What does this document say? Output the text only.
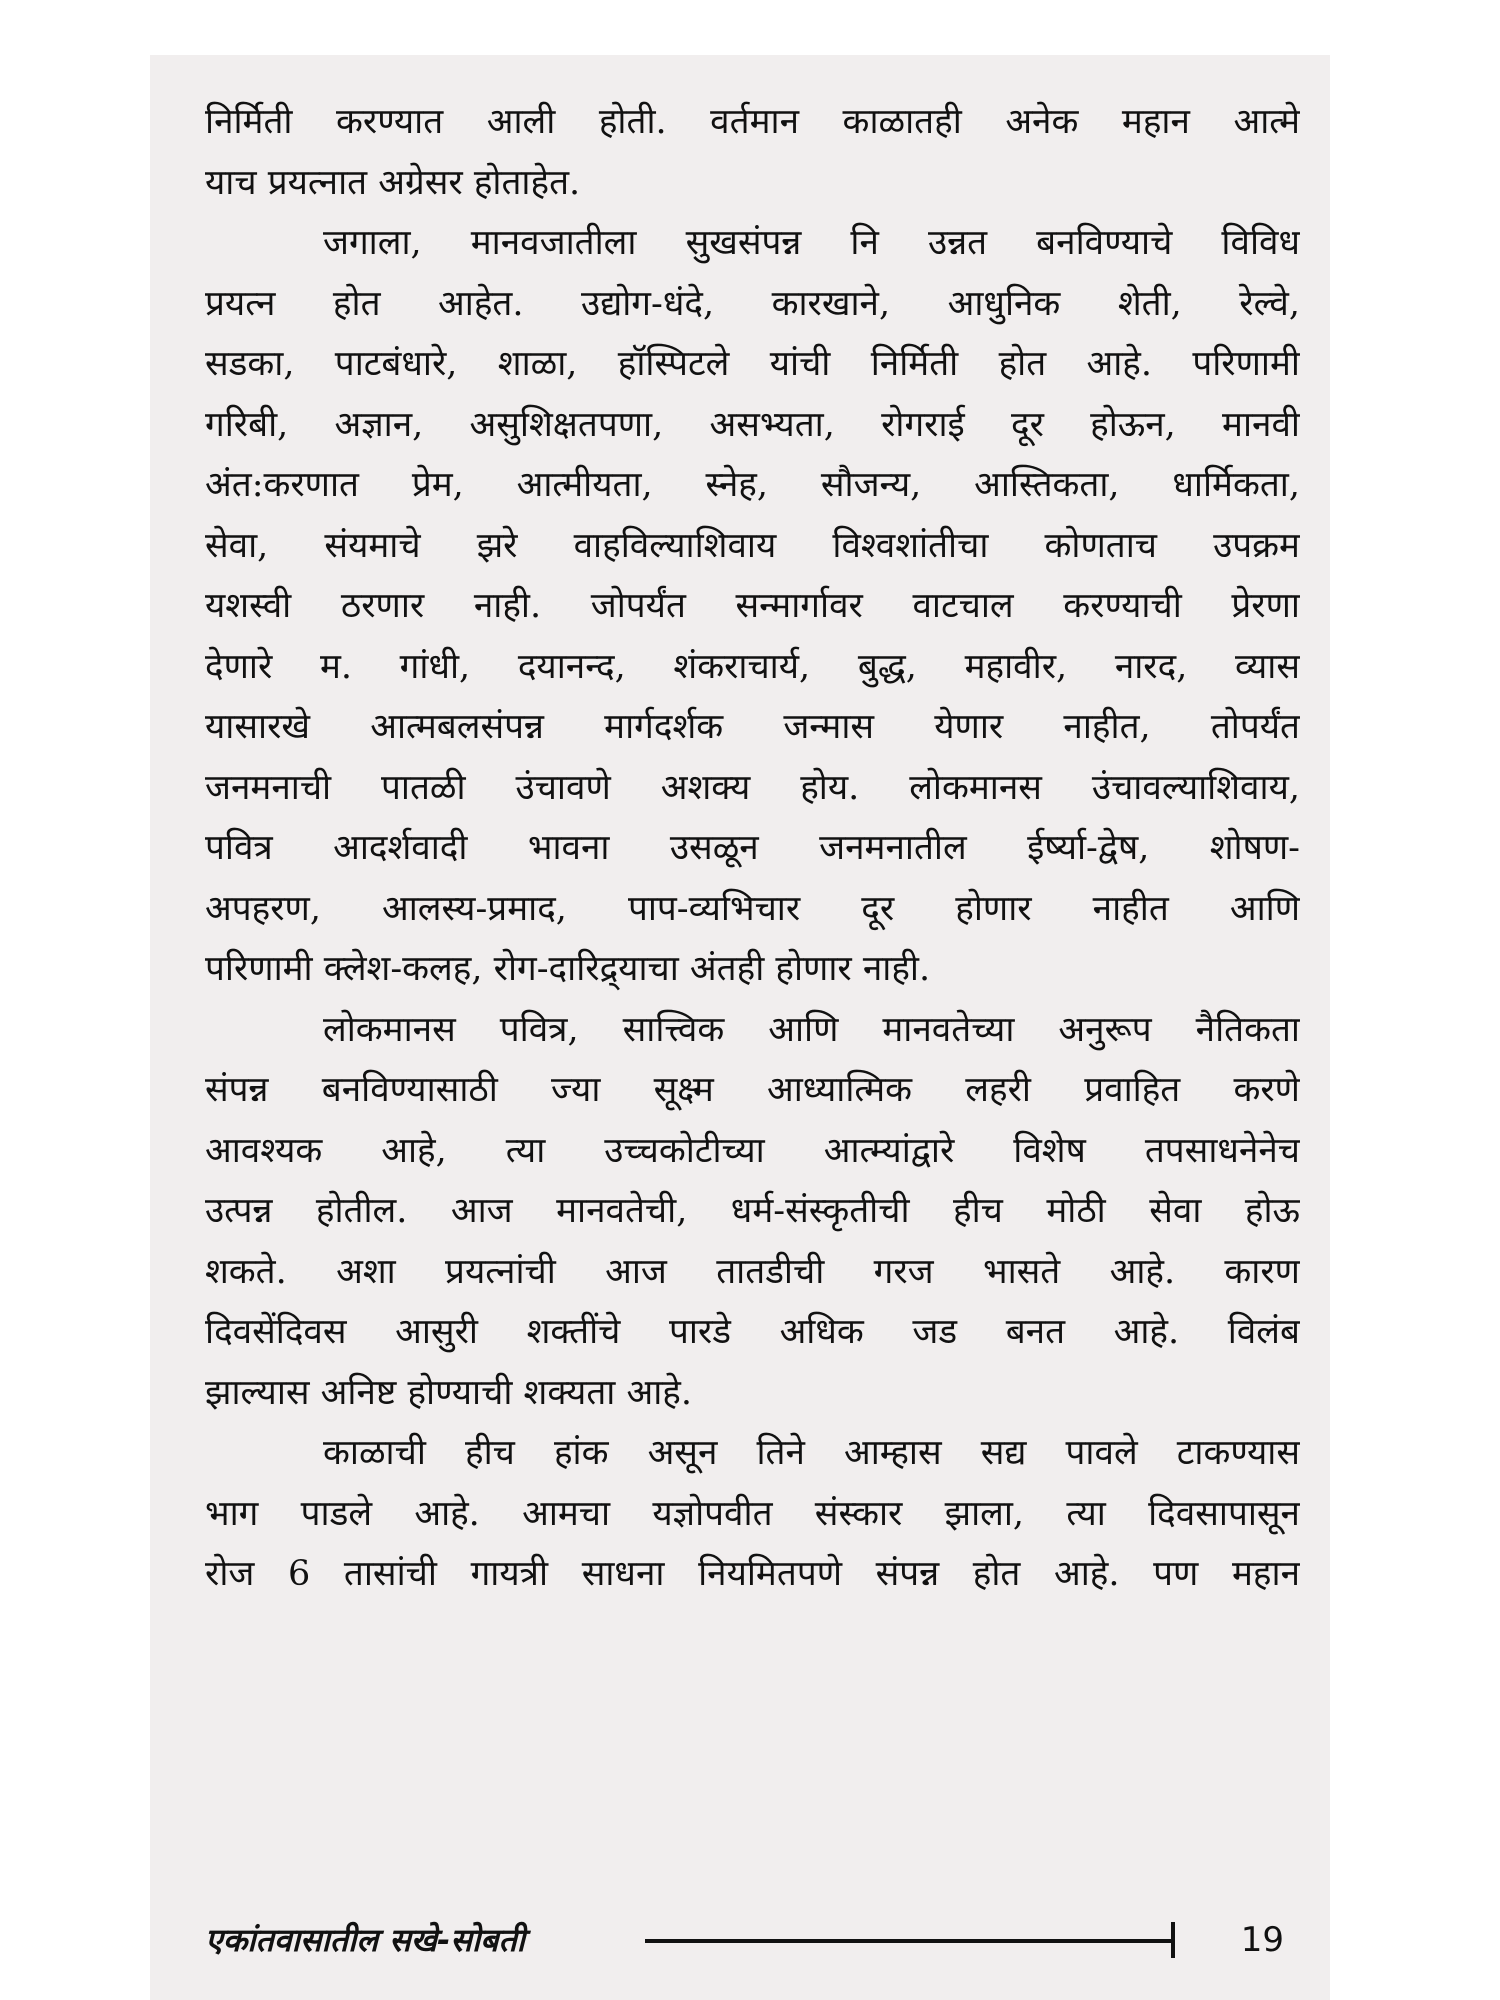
निर्मिती करण्यात आली होती. वर्तमान काळातही अनेक महान आत्मे
याच प्रयत्नात अग्रेसर होताहेत.
जगाला, मानवजातीला सुखसंपन्न नि उन्नत बनविण्याचे विविध
प्रयत्न होत आहेत. उद्योग-धंदे, कारखाने, आधुनिक शेती, रेल्वे,
सडका, पाटबंधारे, शाळा, हॉस्पिटले यांची निर्मिती होत आहे. परिणामी
गरिबी, अज्ञान, असुशिक्षतपणा, असभ्यता, रोगराई दूर होऊन, मानवी
अंत:करणात प्रेम, आत्मीयता, स्नेह, सौजन्य, आस्तिकता, धार्मिकता,
सेवा, संयमाचे झरे वाहविल्याशिवाय विश्वशांतीचा कोणताच उपक्रम
यशस्वी ठरणार नाही. जोपर्यंत सन्मार्गावर वाटचाल करण्याची प्रेरणा
देणारे म. गांधी, दयानन्द, शंकराचार्य, बुद्ध, महावीर, नारद, व्यास
यासारखे आत्मबलसंपन्न मार्गदर्शक जन्मास येणार नाहीत, तोपर्यंत
जनमनाची पातळी उंचावणे अशक्य होय. लोकमानस उंचावल्याशिवाय,
पवित्र आदर्शवादी भावना उसळून जनमनातील ईर्ष्या-द्वेष, शोषण-
अपहरण, आलस्य-प्रमाद, पाप-व्यभिचार दूर होणार नाहीत आणि
परिणामी क्लेश-कलह, रोग-दारिद्र्याचा अंतही होणार नाही.
लोकमानस पवित्र, सात्त्विक आणि मानवतेच्या अनुरूप नैतिकता
संपन्न बनविण्यासाठी ज्या सूक्ष्म आध्यात्मिक लहरी प्रवाहित करणे
आवश्यक आहे, त्या उच्चकोटीच्या आत्म्यांद्वारे विशेष तपसाधनेनेच
उत्पन्न होतील. आज मानवतेची, धर्म-संस्कृतीची हीच मोठी सेवा होऊ
शकते. अशा प्रयत्नांची आज तातडीची गरज भासते आहे. कारण
दिवसेंदिवस आसुरी शक्तींचे पारडे अधिक जड बनत आहे. विलंब
झाल्यास अनिष्ट होण्याची शक्यता आहे.
काळाची हीच हांक असून तिने आम्हास सद्य पावले टाकण्यास
भाग पाडले आहे. आमचा यज्ञोपवीत संस्कार झाला, त्या दिवसापासून
रोज 6 तासांची गायत्री साधना नियमितपणे संपन्न होत आहे. पण महान
एकांतवासातील सखे-सोबती	19
